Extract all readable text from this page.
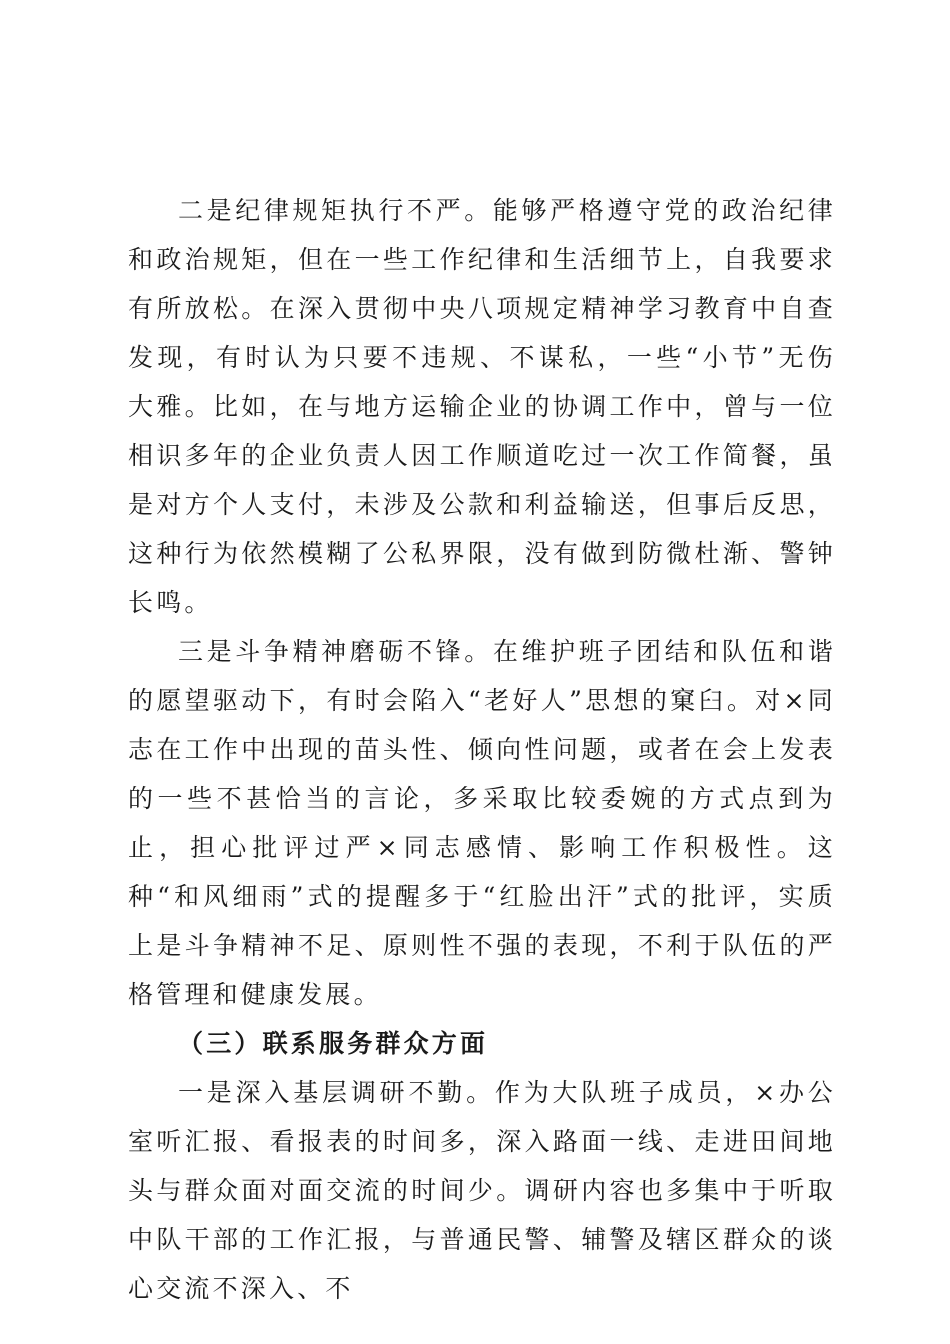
二是纪律规矩执行不严。能够严格遵守党的政治纪律和政治规矩，但在一些工作纪律和生活细节上，自我要求有所放松。在深入贯彻中央八项规定精神学习教育中自查发现，有时认为只要不违规、不谋私，一些“小节”无伤大雅。比如，在与地方运输企业的协调工作中，曾与一位相识多年的企业负责人因工作顺道吃过一次工作简餐，虽是对方个人支付，未涉及公款和利益输送，但事后反思，这种行为依然模糊了公私界限，没有做到防微杜渐、警钟长鸣。

三是斗争精神磨砺不锋。在维护班子团结和队伍和谐的愿望驱动下，有时会陷入“老好人”思想的窠臼。对×同志在工作中出现的苗头性、倾向性问题，或者在会上发表的一些不甚恰当的言论，多采取比较委婉的方式点到为止，担心批评过严×同志感情、影响工作积极性。这种“和风细雨”式的提醒多于“红脸出汗”式的批评，实质上是斗争精神不足、原则性不强的表现，不利于队伍的严格管理和健康发展。

（三）联系服务群众方面

一是深入基层调研不勤。作为大队班子成员，×办公室听汇报、看报表的时间多，深入路面一线、走进田间地头与群众面对面交流的时间少。调研内容也多集中于听取中队干部的工作汇报，与普通民警、辅警及辖区群众的谈心交流不深入、不
